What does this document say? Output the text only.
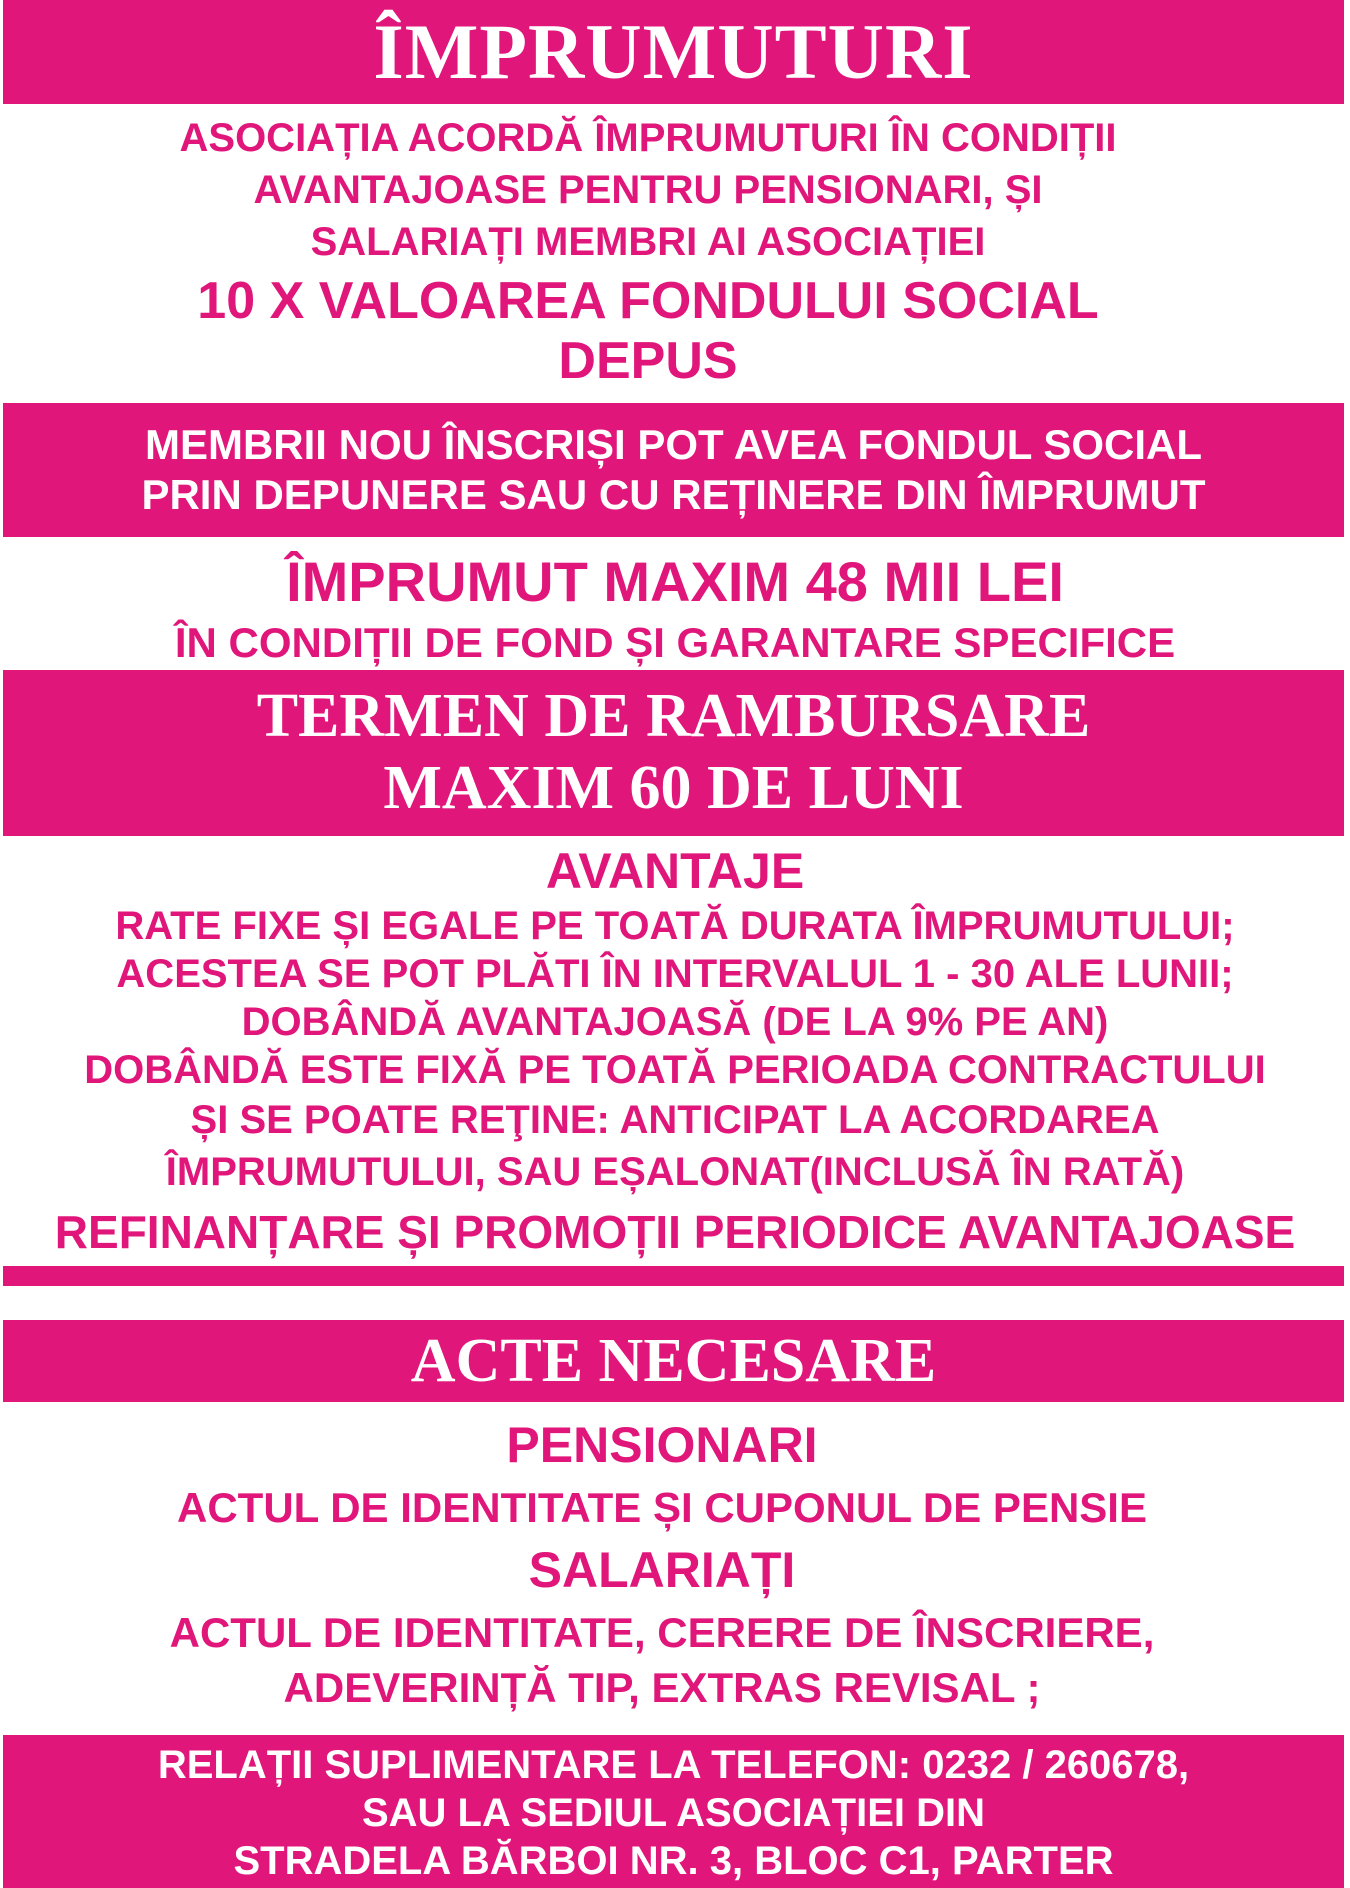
ÎMPRUMUTURI
ASOCIAȚIA ACORDĂ ÎMPRUMUTURI ÎN CONDIȚII
AVANTAJOASE PENTRU PENSIONARI, ȘI
SALARIAȚI MEMBRI AI ASOCIAȚIEI
10 X VALOAREA FONDULUI SOCIAL
DEPUS
MEMBRII NOU ÎNSCRIȘI POT AVEA FONDUL SOCIAL
PRIN DEPUNERE SAU CU REȚINERE DIN ÎMPRUMUT
ÎMPRUMUT MAXIM 48 MII LEI
ÎN CONDIȚII DE FOND ȘI GARANTARE SPECIFICE
TERMEN DE RAMBURSARE
MAXIM 60 DE LUNI
AVANTAJE
RATE FIXE ȘI EGALE PE TOATĂ DURATA ÎMPRUMUTULUI;
ACESTEA SE POT PLĂTI ÎN INTERVALUL 1 - 30 ALE LUNII;
DOBÂNDĂ AVANTAJOASĂ (DE LA 9% PE AN)
DOBÂNDĂ ESTE FIXĂ PE TOATĂ PERIOADA CONTRACTULUI
ȘI SE POATE REŢINE: ANTICIPAT LA ACORDAREA
ÎMPRUMUTULUI, SAU EȘALONAT(INCLUSĂ ÎN RATĂ)
REFINANȚARE ȘI PROMOȚII PERIODICE AVANTAJOASE
ACTE NECESARE
PENSIONARI
ACTUL DE IDENTITATE ȘI CUPONUL DE PENSIE
SALARIAȚI
ACTUL DE IDENTITATE, CERERE DE ÎNSCRIERE,
ADEVERINȚĂ TIP, EXTRAS REVISAL ;
RELAȚII SUPLIMENTARE LA TELEFON: 0232 / 260678,
SAU LA SEDIUL ASOCIAȚIEI DIN
STRADELA BĂRBOI NR. 3, BLOC C1, PARTER
